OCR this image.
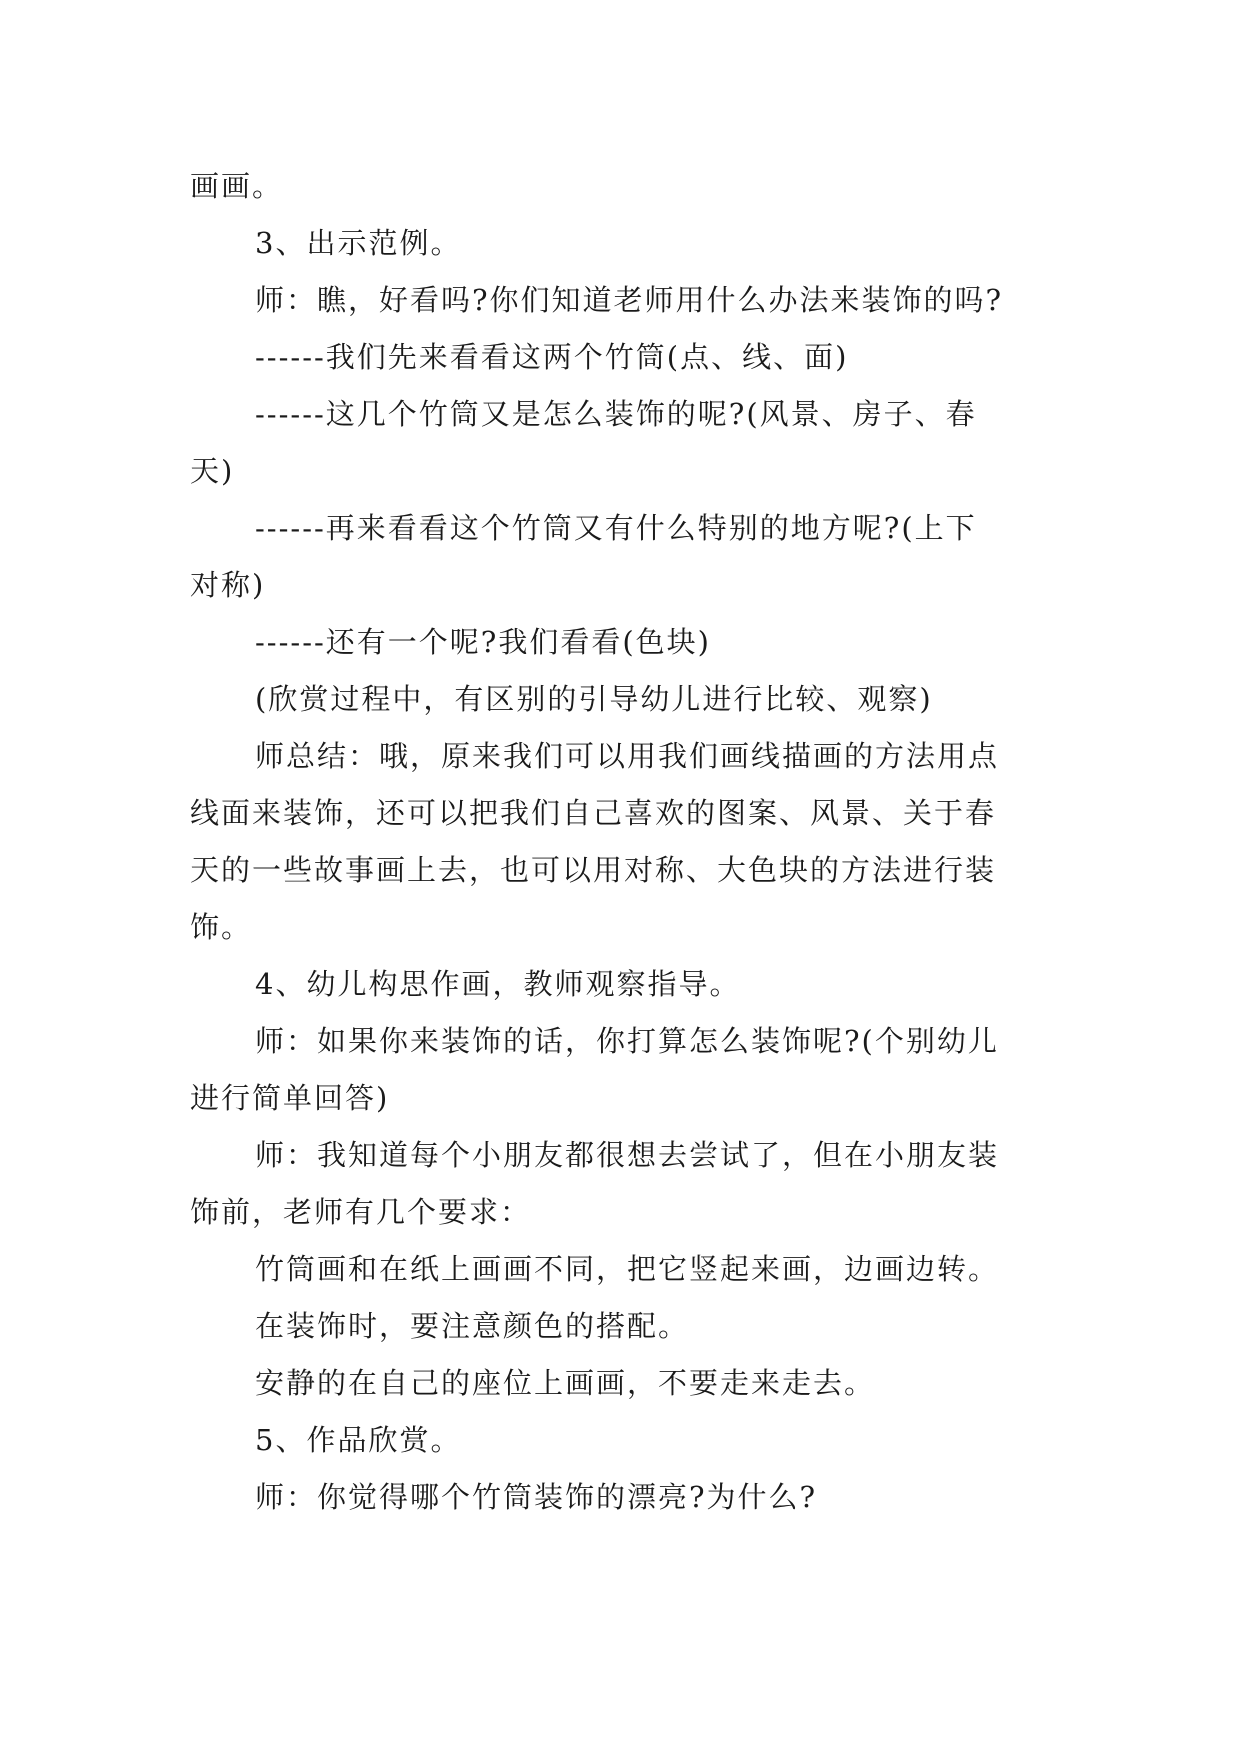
画画。
3、出示范例。
师：瞧，好看吗?你们知道老师用什么办法来装饰的吗?
------我们先来看看这两个竹筒(点、线、面)
------这几个竹筒又是怎么装饰的呢?(风景、房子、春
天)
------再来看看这个竹筒又有什么特别的地方呢?(上下
对称)
------还有一个呢?我们看看(色块)
(欣赏过程中，有区别的引导幼儿进行比较、观察)
师总结：哦，原来我们可以用我们画线描画的方法用点
线面来装饰，还可以把我们自己喜欢的图案、风景、关于春
天的一些故事画上去，也可以用对称、大色块的方法进行装
饰。
4、幼儿构思作画，教师观察指导。
师：如果你来装饰的话，你打算怎么装饰呢?(个别幼儿
进行简单回答)
师：我知道每个小朋友都很想去尝试了，但在小朋友装
饰前，老师有几个要求：
竹筒画和在纸上画画不同，把它竖起来画，边画边转。
在装饰时，要注意颜色的搭配。
安静的在自己的座位上画画，不要走来走去。
5、作品欣赏。
师：你觉得哪个竹筒装饰的漂亮?为什么?
